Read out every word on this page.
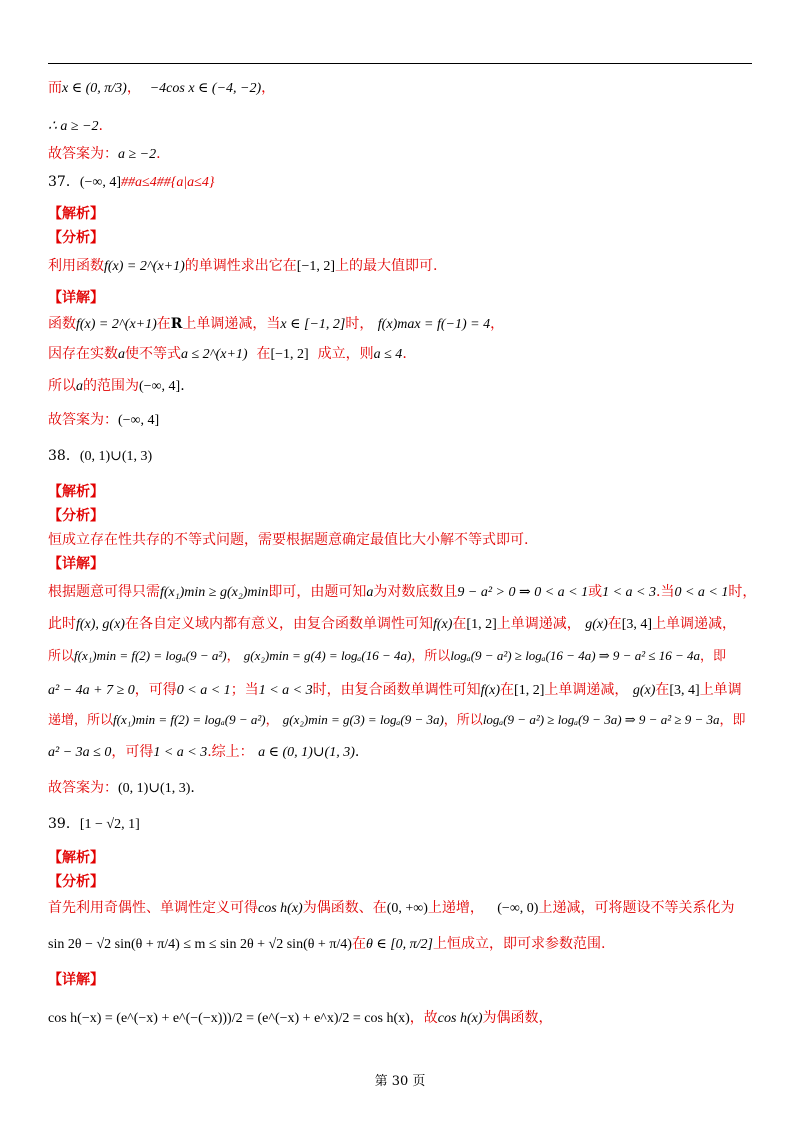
而x ∈ (0, π/3)， −4cos x ∈ (−4, −2)，
∴ a ≥ −2.
故答案为：a ≥ −2.
37．(−∞, 4]##a≤4##{a|a≤4}
【解析】
【分析】
利用函数f(x) = 2^(x+1)的单调性求出它在[−1, 2]上的最大值即可.
【详解】
函数f(x) = 2^(x+1)在R上单调递减，当x ∈ [−1, 2]时， f(x)max = f(−1) = 4，
因存在实数a使不等式a ≤ 2^(x+1) 在[−1, 2] 成立，则a ≤ 4.
所以a的范围为(−∞, 4].
故答案为：(−∞, 4]
38．(0, 1)∪(1, 3)
【解析】
【分析】
恒成立存在性共存的不等式问题，需要根据题意确定最值比大小解不等式即可.
【详解】
根据题意可得只需f(x₁)min ≥ g(x₂)min即可，由题可知a为对数底数且9 − a² > 0 ⇒ 0 < a < 1或1 < a < 3.当0 < a < 1时，
此时f(x), g(x)在各自定义域内都有意义，由复合函数单调性可知f(x)在[1, 2]上单调递减， g(x)在[3, 4]上单调递减，
所以f(x₁)min = f(2) = logₐ(9 − a²)， g(x₂)min = g(4) = logₐ(16 − 4a)，所以logₐ(9 − a²) ≥ logₐ(16 − 4a) ⇒ 9 − a² ≤ 16 − 4a，即
a² − 4a + 7 ≥ 0，可得0 < a < 1；当1 < a < 3时，由复合函数单调性可知f(x)在[1, 2]上单调递减， g(x)在[3, 4]上单调
递增，所以f(x₁)min = f(2) = logₐ(9 − a²)， g(x₂)min = g(3) = logₐ(9 − 3a)，所以logₐ(9 − a²) ≥ logₐ(9 − 3a) ⇒ 9 − a² ≥ 9 − 3a，即
a² − 3a ≤ 0，可得1 < a < 3.综上： a ∈ (0, 1)∪(1, 3).
故答案为：(0, 1)∪(1, 3).
39．[1 − √2, 1]
【解析】
【分析】
首先利用奇偶性、单调性定义可得cos h(x)为偶函数、在(0, +∞)上递增， (−∞, 0)上递减，可将题设不等关系化为
sin 2θ − √2 sin(θ + π/4) ≤ m ≤ sin 2θ + √2 sin(θ + π/4)在θ ∈ [0, π/2]上恒成立，即可求参数范围.
【详解】
cos h(−x) = (e^(−x) + e^(−(−x)))/2 = (e^(−x) + e^x)/2 = cos h(x)，故cos h(x)为偶函数，
第 30 页
